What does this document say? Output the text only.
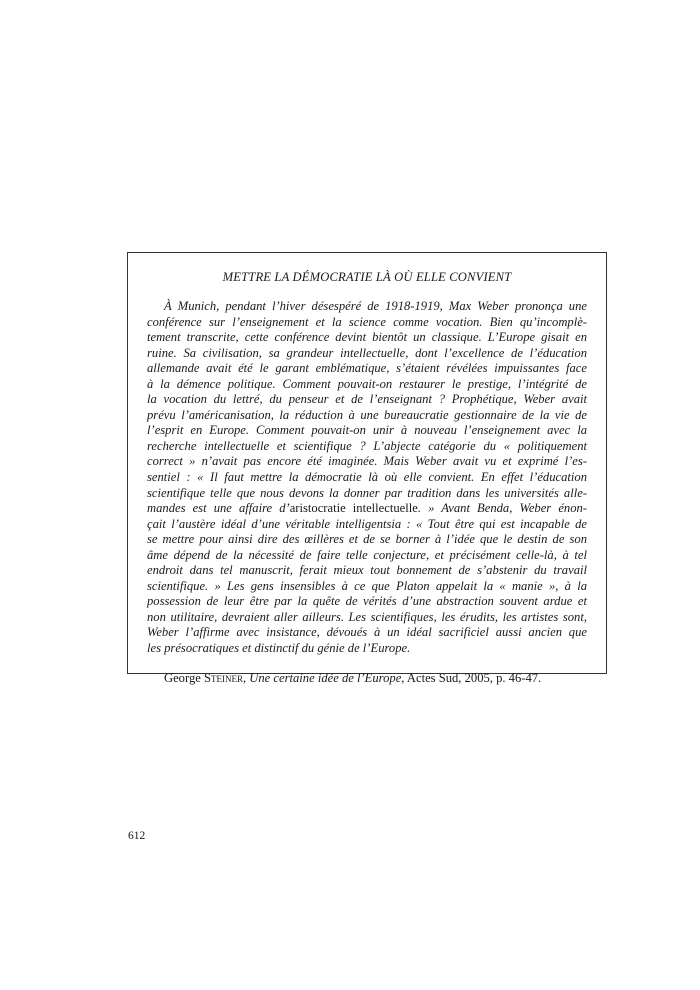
METTRE LA DÉMOCRATIE LÀ OÙ ELLE CONVIENT

À Munich, pendant l’hiver désespéré de 1918-1919, Max Weber prononça une
conférence sur l’enseignement et la science comme vocation. Bien qu’incomplè-
tement transcrite, cette conférence devint bientôt un classique. L’Europe gisait en
ruine. Sa civilisation, sa grandeur intellectuelle, dont l’excellence de l’éducation
allemande avait été le garant emblématique, s’étaient révélées impuissantes face
à la démence politique. Comment pouvait-on restaurer le prestige, l’intégrité de
la vocation du lettré, du penseur et de l’enseignant ? Prophétique, Weber avait
prévu l’américanisation, la réduction à une bureaucratie gestionnaire de la vie de
l’esprit en Europe. Comment pouvait-on unir à nouveau l’enseignement avec la
recherche intellectuelle et scientifique ? L’abjecte catégorie du « politiquement
correct » n’avait pas encore été imaginée. Mais Weber avait vu et exprimé l’es-
sentiel : « Il faut mettre la démocratie là où elle convient. En effet l’éducation
scientifique telle que nous devons la donner par tradition dans les universités alle-
mandes est une affaire d’aristocratie intellectuelle. » Avant Benda, Weber énon-
çait l’austère idéal d’une véritable intelligentsia : « Tout être qui est incapable de
se mettre pour ainsi dire des œillères et de se borner à l’idée que le destin de son
âme dépend de la nécessité de faire telle conjecture, et précisément celle-là, à tel
endroit dans tel manuscrit, ferait mieux tout bonnement de s’abstenir du travail
scientifique. » Les gens insensibles à ce que Platon appelait la « manie », à la
possession de leur être par la quête de vérités d’une abstraction souvent ardue et
non utilitaire, devraient aller ailleurs. Les scientifiques, les érudits, les artistes sont,
Weber l’affirme avec insistance, dévoués à un idéal sacrificiel aussi ancien que
les présocratiques et distinctif du génie de l’Europe.

George Steiner, Une certaine idée de l’Europe, Actes Sud, 2005, p. 46-47.
612
